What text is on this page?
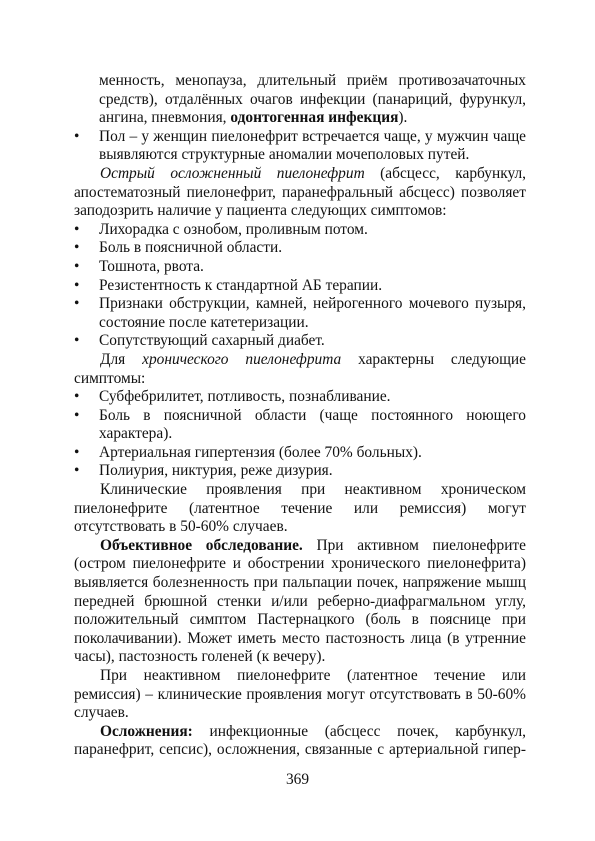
менность, менопауза, длительный приём противозачаточных средств), отдалённых очагов инфекции (панариций, фурункул, ангина, пневмония, одонтогенная инфекция).

• Пол – у женщин пиелонефрит встречается чаще, у мужчин чаще выявляются структурные аномалии мочеполовых путей.

Острый осложненный пиелонефрит (абсцесс, карбункул, апостематозный пиелонефрит, паранефральный абсцесс) позволяет заподозрить наличие у пациента следующих симптомов:

• Лихорадка с ознобом, проливным потом.

• Боль в поясничной области.

• Тошнота, рвота.

• Резистентность к стандартной АБ терапии.

• Признаки обструкции, камней, нейрогенного мочевого пузыря, состояние после катетеризации.

• Сопутствующий сахарный диабет.

Для хронического пиелонефрита характерны следующие симптомы:

• Субфебрилитет, потливость, познабливание.

• Боль в поясничной области (чаще постоянного ноющего характера).

• Артериальная гипертензия (более 70% больных).

• Полиурия, никтурия, реже дизурия.

Клинические проявления при неактивном хроническом пиелонефрите (латентное течение или ремиссия) могут отсутствовать в 50-60% случаев.

Объективное обследование. При активном пиелонефрите (остром пиелонефрите и обострении хронического пиелонефрита) выявляется болезненность при пальпации почек, напряжение мышц передней брюшной стенки и/или реберно-диафрагмальном углу, положительный симптом Пастернацкого (боль в пояснице при поколачивании). Может иметь место пастозность лица (в утренние часы), пастозность голеней (к вечеру).

При неактивном пиелонефрите (латентное течение или ремиссия) – клинические проявления могут отсутствовать в 50-60% случаев.

Осложнения: инфекционные (абсцесс почек, карбункул, паранефрит, сепсис), осложнения, связанные с артериальной гипер-

369
